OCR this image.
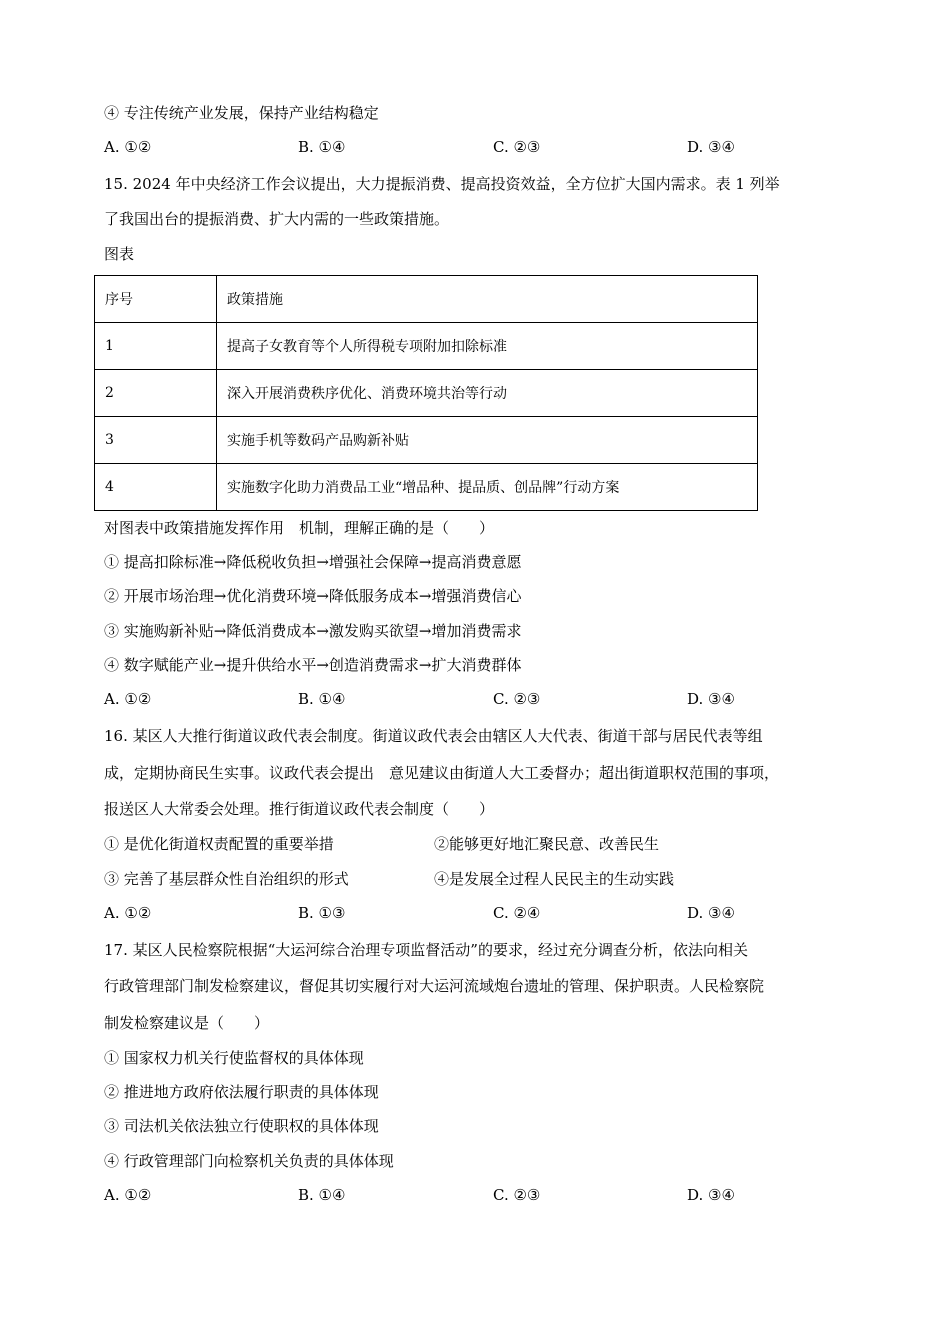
④ 专注传统产业发展，保持产业结构稳定
A. ①②	B. ①④	C. ②③	D. ③④
15. 2024 年中央经济工作会议提出，大力提振消费、提高投资效益，全方位扩大国内需求。表 1 列举
了我国出台的提振消费、扩大内需的一些政策措施。
图表
序号	政策措施
1	提高子女教育等个人所得税专项附加扣除标准
2	深入开展消费秩序优化、消费环境共治等行动
3	实施手机等数码产品购新补贴
4	实施数字化助力消费品工业“增品种、提品质、创品牌”行动方案
对图表中政策措施发挥作用　机制，理解正确的是（　　）
① 提高扣除标准→降低税收负担→增强社会保障→提高消费意愿
② 开展市场治理→优化消费环境→降低服务成本→增强消费信心
③ 实施购新补贴→降低消费成本→激发购买欲望→增加消费需求
④ 数字赋能产业→提升供给水平→创造消费需求→扩大消费群体
A. ①②	B. ①④	C. ②③	D. ③④
16. 某区人大推行街道议政代表会制度。街道议政代表会由辖区人大代表、街道干部与居民代表等组
成，定期协商民生实事。议政代表会提出　意见建议由街道人大工委督办；超出街道职权范围的事项，
报送区人大常委会处理。推行街道议政代表会制度（　　）
① 是优化街道权责配置的重要举措	②能够更好地汇聚民意、改善民生
③ 完善了基层群众性自治组织的形式	④是发展全过程人民民主的生动实践
A. ①②	B. ①③	C. ②④	D. ③④
17. 某区人民检察院根据“大运河综合治理专项监督活动”的要求，经过充分调查分析，依法向相关
行政管理部门制发检察建议，督促其切实履行对大运河流域炮台遗址的管理、保护职责。人民检察院
制发检察建议是（　　）
① 国家权力机关行使监督权的具体体现
② 推进地方政府依法履行职责的具体体现
③ 司法机关依法独立行使职权的具体体现
④ 行政管理部门向检察机关负责的具体体现
A. ①②	B. ①④	C. ②③	D. ③④
